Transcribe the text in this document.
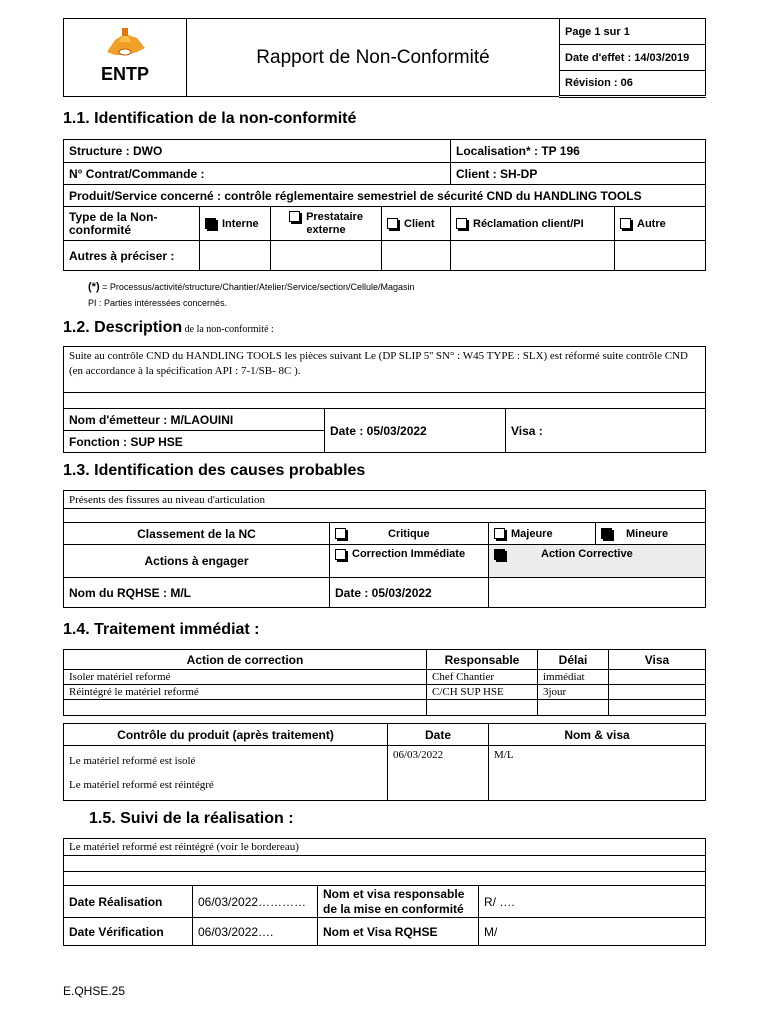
ENTP
	Rapport de Non-Conformité	Page 1 sur 1
Date d'effet : 14/03/2019
Révision : 06
1.1. Identification de la non-conformité
Structure : DWO				Localisation* : TP 196	
N° Contrat/Commande :				Client : SH-DP	
Produit/Service concerné : contrôle réglementaire semestriel de sécurité CND du HANDLING TOOLS					
Type de la Non-conformité	Interne	Prestataire externe	Client	Réclamation client/PI	Autre
Autres à préciser :					
(*) = Processus/activité/structure/Chantier/Atelier/Service/section/Cellule/Magasin
PI : Parties intéressées concernés.
1.2. Description de la non-conformité :
Suite au contrôle CND du HANDLING TOOLS les pièces suivant Le (DP SLIP 5'' SN° : W45 TYPE : SLX) est réformé suite contrôle CND (en accordance à la spécification API : 7-1/SB- 8C ).

Nom d'émetteur : M/LAOUINI	Date : 05/03/2022	Visa :
Fonction : SUP HSE
1.3. Identification des causes probables
Présents des fissures au niveau d'articulation			

Classement de la NC	Critique	Majeure	Mineure
Actions à engager	Correction Immédiate	Action Corrective	
Nom du RQHSE : M/L	Date : 05/03/2022		
1.4. Traitement immédiat :
Action de correction	Responsable	Délai	Visa
Isoler matériel reformé	Chef Chantier	immédiat	
Réintégré le matériel reformé	C/CH SUP HSE	3jour	

Contrôle du produit (après traitement)	Date	Nom & visa

Le matériel reformé est isolé
Le matériel reformé est réintégré	06/03/2022	M/L
1.5. Suivi de la réalisation :
Le matériel reformé est réintégré (voir le bordereau)			

Date Réalisation	06/03/2022…………	Nom et visa responsable de la mise en conformité	R/ ….
Date Vérification	06/03/2022….	Nom et Visa RQHSE	M/
E.QHSE.25
